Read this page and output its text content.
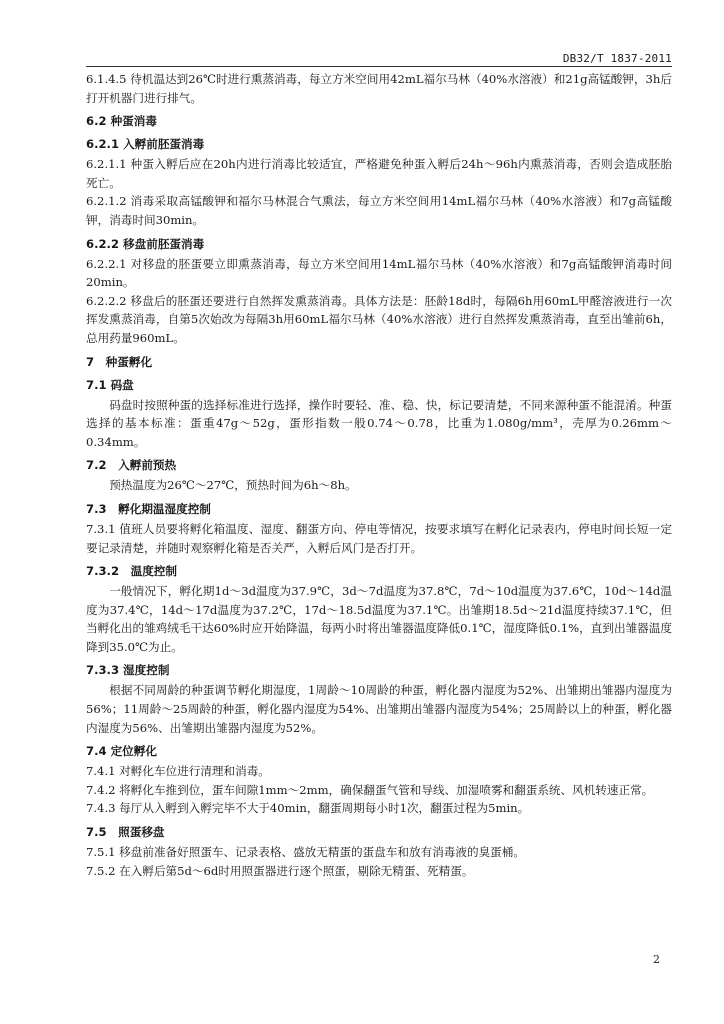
DB32/T 1837-2011
6.1.4.5 待机温达到26℃时进行熏蒸消毒，每立方米空间用42mL福尔马林（40%水溶液）和21g高锰酸钾，3h后打开机器门进行排气。
6.2 种蛋消毒
6.2.1 入孵前胚蛋消毒
6.2.1.1 种蛋入孵后应在20h内进行消毒比较适宜，严格避免种蛋入孵后24h～96h内熏蒸消毒，否则会造成胚胎死亡。
6.2.1.2 消毒采取高锰酸钾和福尔马林混合气熏法，每立方米空间用14mL福尔马林（40%水溶液）和7g高锰酸钾，消毒时间30min。
6.2.2 移盘前胚蛋消毒
6.2.2.1 对移盘的胚蛋要立即熏蒸消毒，每立方米空间用14mL福尔马林（40%水溶液）和7g高锰酸钾消毒时间20min。
6.2.2.2 移盘后的胚蛋还要进行自然挥发熏蒸消毒。具体方法是：胚龄18d时，每隔6h用60mL甲醛溶液进行一次挥发熏蒸消毒，自第5次始改为每隔3h用60mL福尔马林（40%水溶液）进行自然挥发熏蒸消毒，直至出雏前6h，总用药量960mL。
7　种蛋孵化
7.1 码盘
码盘时按照种蛋的选择标准进行选择，操作时要轻、准、稳、快，标记要清楚，不同来源种蛋不能混淆。种蛋选择的基本标准：蛋重47g～52g，蛋形指数一般0.74～0.78，比重为1.080g/mm³，壳厚为0.26mm～0.34mm。
7.2　入孵前预热
预热温度为26℃～27℃，预热时间为6h～8h。
7.3　孵化期温湿度控制
7.3.1 值班人员要将孵化箱温度、湿度、翻蛋方向、停电等情况，按要求填写在孵化记录表内，停电时间长短一定要记录清楚，并随时观察孵化箱是否关严，入孵后风门是否打开。
7.3.2　温度控制
一般情况下，孵化期1d～3d温度为37.9℃，3d～7d温度为37.8℃，7d～10d温度为37.6℃，10d～14d温度为37.4℃，14d～17d温度为37.2℃，17d～18.5d温度为37.1℃。出雏期18.5d～21d温度持续37.1℃，但当孵化出的雏鸡绒毛干达60%时应开始降温，每两小时将出雏器温度降低0.1℃，湿度降低0.1%，直到出雏器温度降到35.0℃为止。
7.3.3 湿度控制
根据不同周龄的种蛋调节孵化期湿度，1周龄～10周龄的种蛋，孵化器内湿度为52%、出雏期出雏器内湿度为56%；11周龄～25周龄的种蛋，孵化器内湿度为54%、出雏期出雏器内湿度为54%；25周龄以上的种蛋，孵化器内湿度为56%、出雏期出雏器内湿度为52%。
7.4 定位孵化
7.4.1 对孵化车位进行清理和消毒。
7.4.2 将孵化车推到位，蛋车间隙1mm～2mm，确保翻蛋气管和导线、加湿喷雾和翻蛋系统、风机转速正常。
7.4.3 每厅从入孵到入孵完毕不大于40min，翻蛋周期每小时1次，翻蛋过程为5min。
7.5　照蛋移盘
7.5.1 移盘前准备好照蛋车、记录表格、盛放无精蛋的蛋盘车和放有消毒液的臭蛋桶。
7.5.2 在入孵后第5d～6d时用照蛋器进行逐个照蛋，剔除无精蛋、死精蛋。
2
